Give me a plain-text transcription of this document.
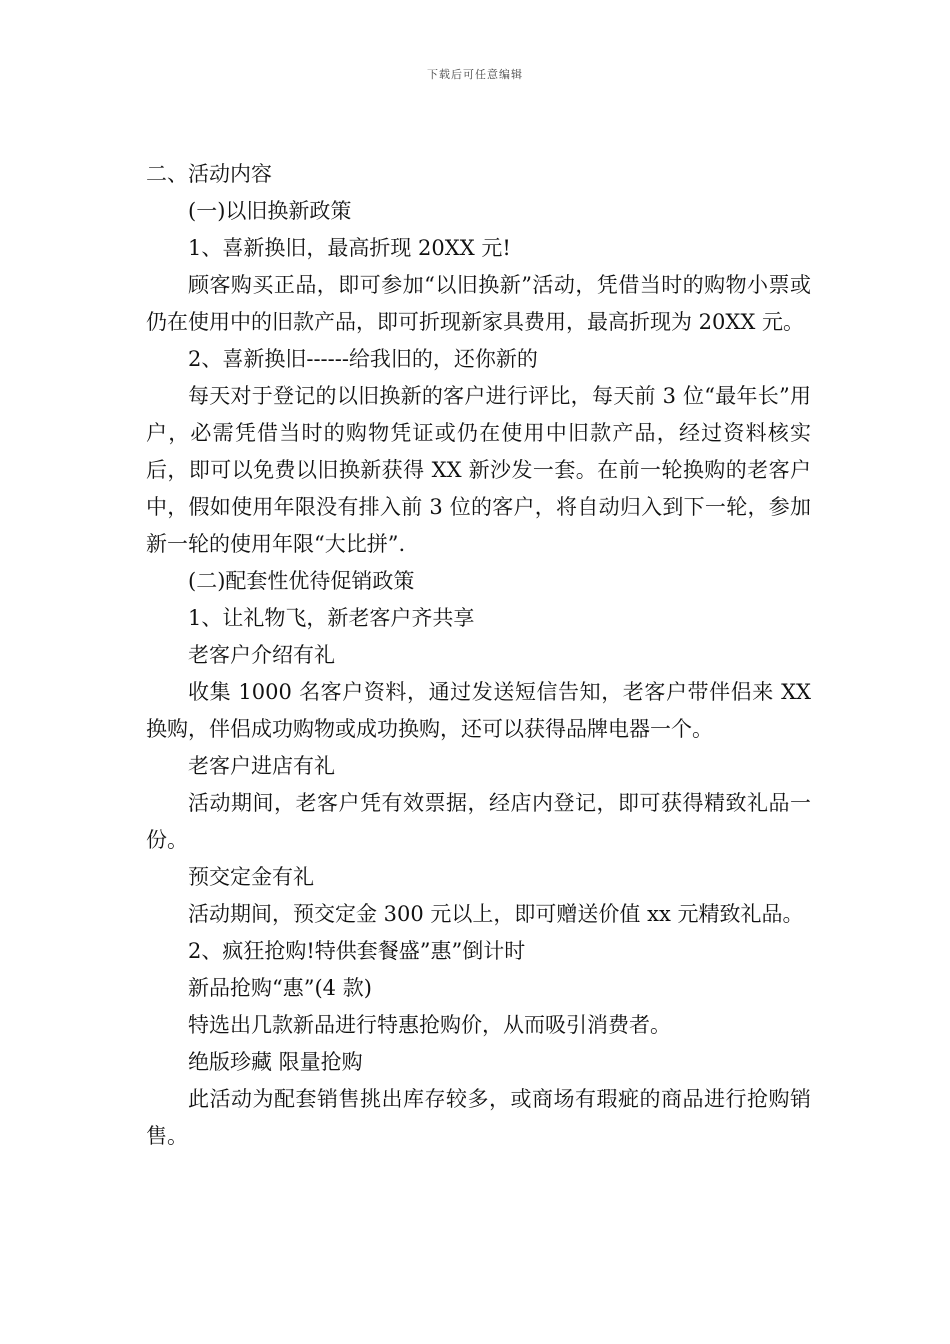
下载后可任意编辑

二、活动内容

(一)以旧换新政策

1、喜新换旧，最高折现 20XX 元!

顾客购买正品，即可参加“以旧换新”活动，凭借当时的购物小票或仍在使用中的旧款产品，即可折现新家具费用，最高折现为 20XX 元。

2、喜新换旧------给我旧的，还你新的

每天对于登记的以旧换新的客户进行评比，每天前 3 位“最年长”用户，必需凭借当时的购物凭证或仍在使用中旧款产品，经过资料核实后，即可以免费以旧换新获得 XX 新沙发一套。在前一轮换购的老客户中，假如使用年限没有排入前 3 位的客户，将自动归入到下一轮，参加新一轮的使用年限“大比拼”.

(二)配套性优待促销政策

1、让礼物飞，新老客户齐共享

老客户介绍有礼

收集 1000 名客户资料，通过发送短信告知，老客户带伴侣来 XX 换购，伴侣成功购物或成功换购，还可以获得品牌电器一个。

老客户进店有礼

活动期间，老客户凭有效票据，经店内登记，即可获得精致礼品一份。

预交定金有礼

活动期间，预交定金 300 元以上，即可赠送价值 xx 元精致礼品。

2、疯狂抢购!特供套餐盛”惠”倒计时

新品抢购“惠”(4 款)

特选出几款新品进行特惠抢购价，从而吸引消费者。

绝版珍藏 限量抢购

此活动为配套销售挑出库存较多，或商场有瑕疵的商品进行抢购销售。
